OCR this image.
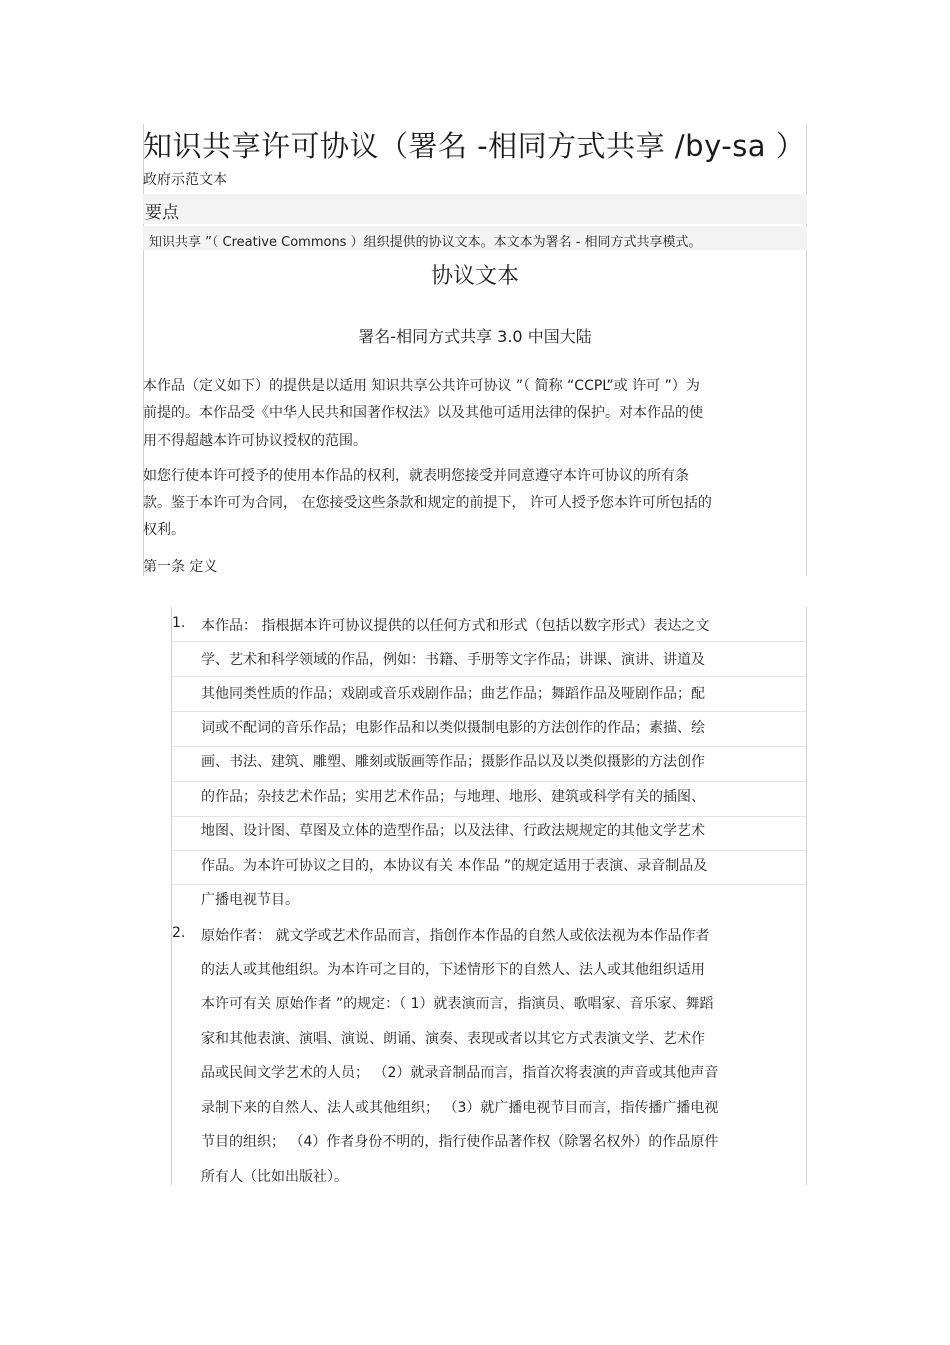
知识共享许可协议（署名 -相同方式共享 /by-sa ）
政府示范文本
要点
知识共享 ”（ Creative Commons ）组织提供的协议文本。本文本为署名 - 相同方式共享模式。
协议文本
署名-相同方式共享 3.0 中国大陆
本作品（定义如下）的提供是以适用 知识共享公共许可协议 ”（ 简称 “CCPL”或 许可 ”）为
前提的。本作品受《中华人民共和国著作权法》以及其他可适用法律的保护。对本作品的使
用不得超越本许可协议授权的范围。
如您行使本许可授予的使用本作品的权利，就表明您接受并同意遵守本许可协议的所有条
款。鉴于本许可为合同， 在您接受这些条款和规定的前提下， 许可人授予您本许可所包括的
权利。
第一条 定义
1. 本作品： 指根据本许可协议提供的以任何方式和形式（包括以数字形式）表达之文
学、艺术和科学领域的作品，例如：书籍、手册等文字作品；讲课、演讲、讲道及
其他同类性质的作品；戏剧或音乐戏剧作品；曲艺作品；舞蹈作品及哑剧作品；配
词或不配词的音乐作品；电影作品和以类似摄制电影的方法创作的作品；素描、绘
画、书法、建筑、雕塑、雕刻或版画等作品；摄影作品以及以类似摄影的方法创作
的作品；杂技艺术作品；实用艺术作品；与地理、地形、建筑或科学有关的插图、
地图、设计图、草图及立体的造型作品；以及法律、行政法规规定的其他文学艺术
作品。为本许可协议之目的，本协议有关 本作品 ”的规定适用于表演、录音制品及
广播电视节目。
2. 原始作者： 就文学或艺术作品而言，指创作本作品的自然人或依法视为本作品作者
的法人或其他组织。为本许可之目的，下述情形下的自然人、法人或其他组织适用
本许可有关 原始作者 ”的规定：（ 1）就表演而言，指演员、歌唱家、音乐家、舞蹈
家和其他表演、演唱、演说、朗诵、演奏、表现或者以其它方式表演文学、艺术作
品或民间文学艺术的人员； （2）就录音制品而言，指首次将表演的声音或其他声音
录制下来的自然人、法人或其他组织； （3）就广播电视节目而言，指传播广播电视
节目的组织； （4）作者身份不明的，指行使作品著作权（除署名权外）的作品原件
所有人（比如出版社）。
